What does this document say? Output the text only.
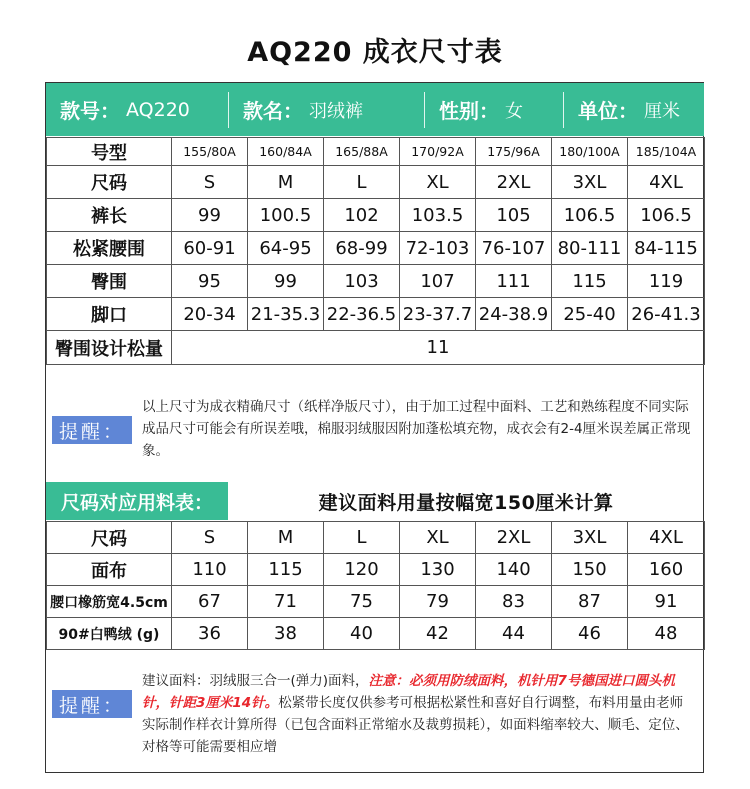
AQ220 成衣尺寸表
款号： AQ220	款名： 羽绒裤	性别： 女	单位： 厘米
号型	155/80A	160/84A	165/88A	170/92A	175/96A	180/100A	185/104A
尺码	S	M	L	XL	2XL	3XL	4XL
裤长	99	100.5	102	103.5	105	106.5	106.5
松紧腰围	60-91	64-95	68-99	72-103	76-107	80-111	84-115
臀围	95	99	103	107	111	115	119
脚口	20-34	21-35.3	22-36.5	23-37.7	24-38.9	25-40	26-41.3
臀围设计松量	11						
提醒：
以上尺寸为成衣精确尺寸（纸样净版尺寸），由于加工过程中面料、工艺和熟练程度不同实际成品尺寸可能会有所误差哦，棉服羽绒服因附加蓬松填充物，成衣会有2-4厘米误差属正常现象。
尺码对应用料表：	建议面料用量按幅宽150厘米计算
尺码	S	M	L	XL	2XL	3XL	4XL
面布	110	115	120	130	140	150	160
腰口橡筋宽4.5cm	67	71	75	79	83	87	91
90#白鸭绒 (g)	36	38	40	42	44	46	48
提醒：
建议面料：羽绒服三合一(弹力)面料，注意：必须用防绒面料，机针用7号德国进口圆头机针，针距3厘米14针。松紧带长度仅供参考可根据松紧性和喜好自行调整，布料用量由老师实际制作样衣计算所得（已包含面料正常缩水及裁剪损耗），如面料缩率较大、顺毛、定位、对格等可能需要相应增
